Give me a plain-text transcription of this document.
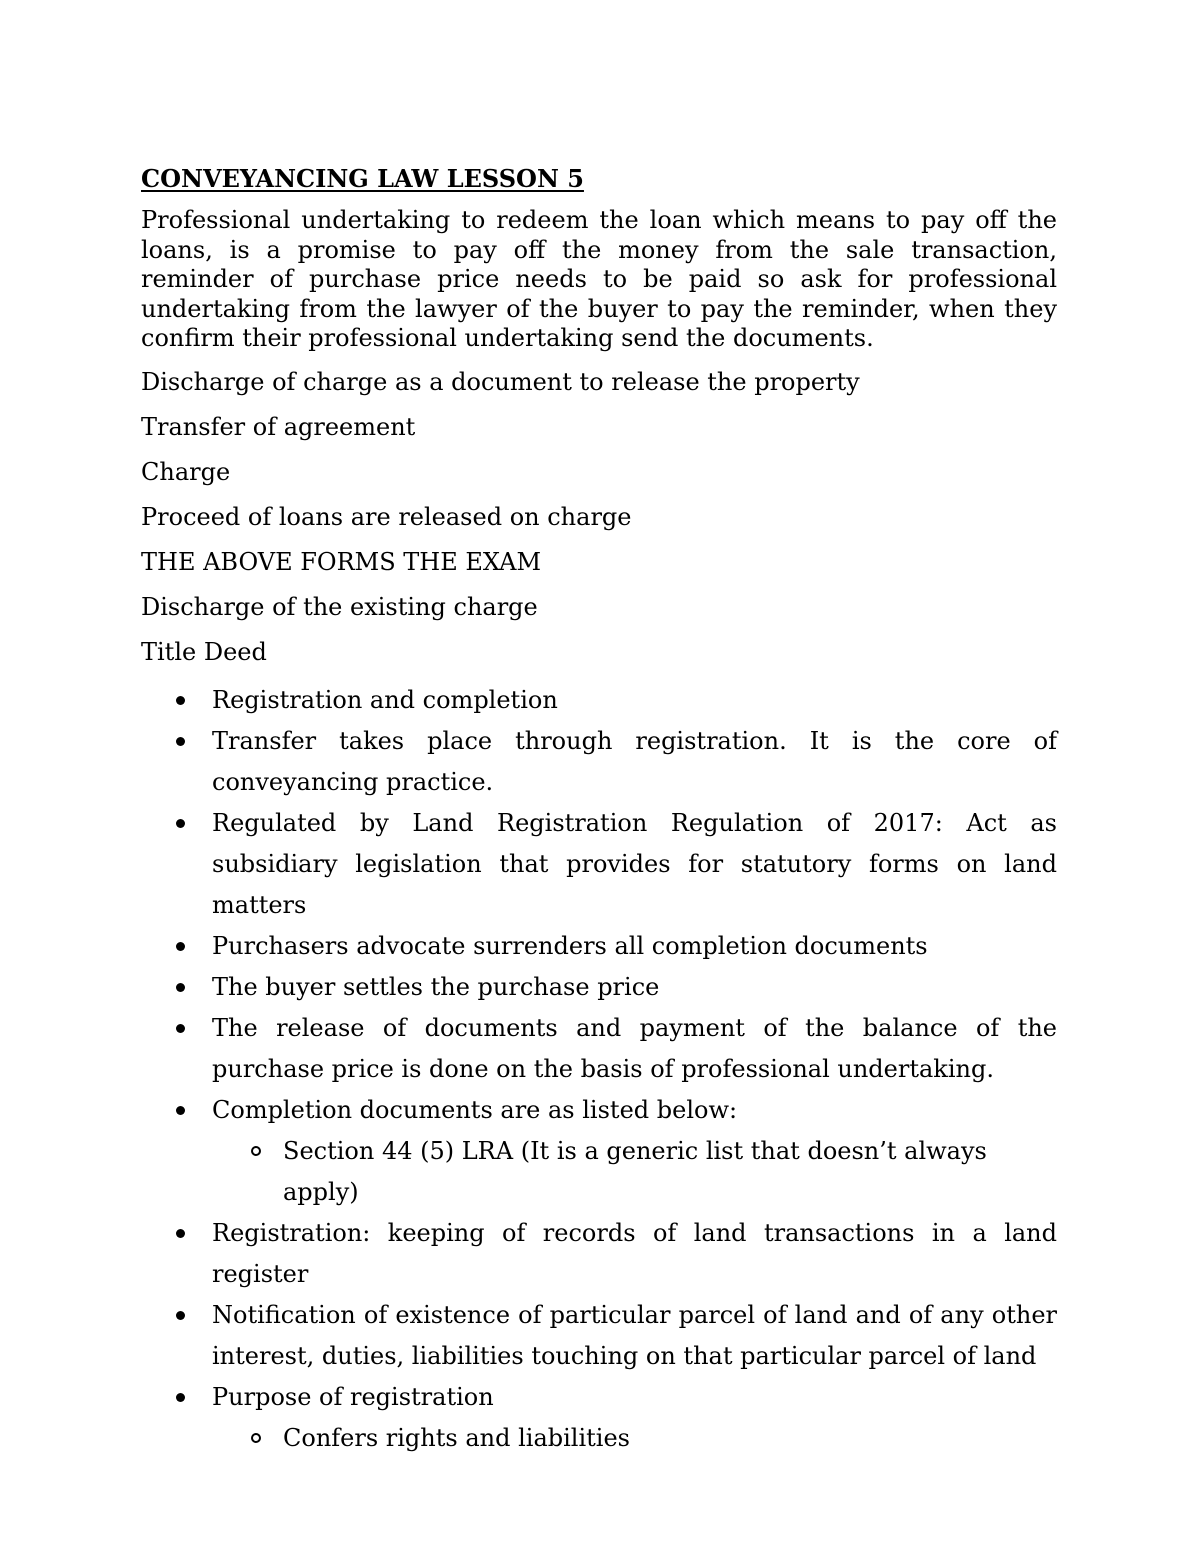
CONVEYANCING LAW LESSON 5
Professional undertaking to redeem the loan which means to pay off the loans, is a promise to pay off the money from the sale transaction, reminder of purchase price needs to be paid so ask for professional undertaking from the lawyer of the buyer to pay the reminder, when they confirm their professional undertaking send the documents.
Discharge of charge as a document to release the property
Transfer of agreement
Charge
Proceed of loans are released on charge
THE ABOVE FORMS THE EXAM
Discharge of the existing charge
Title Deed
Registration and completion
Transfer takes place through registration. It is the core of conveyancing practice.
Regulated by Land Registration Regulation of 2017: Act as subsidiary legislation that provides for statutory forms on land matters
Purchasers advocate surrenders all completion documents
The buyer settles the purchase price
The release of documents and payment of the balance of the purchase price is done on the basis of professional undertaking.
Completion documents are as listed below:
Section 44 (5) LRA (It is a generic list that doesn’t always apply)
Registration: keeping of records of land transactions in a land register
Notification of existence of particular parcel of land and of any other interest, duties, liabilities touching on that particular parcel of land
Purpose of registration
Confers rights and liabilities
